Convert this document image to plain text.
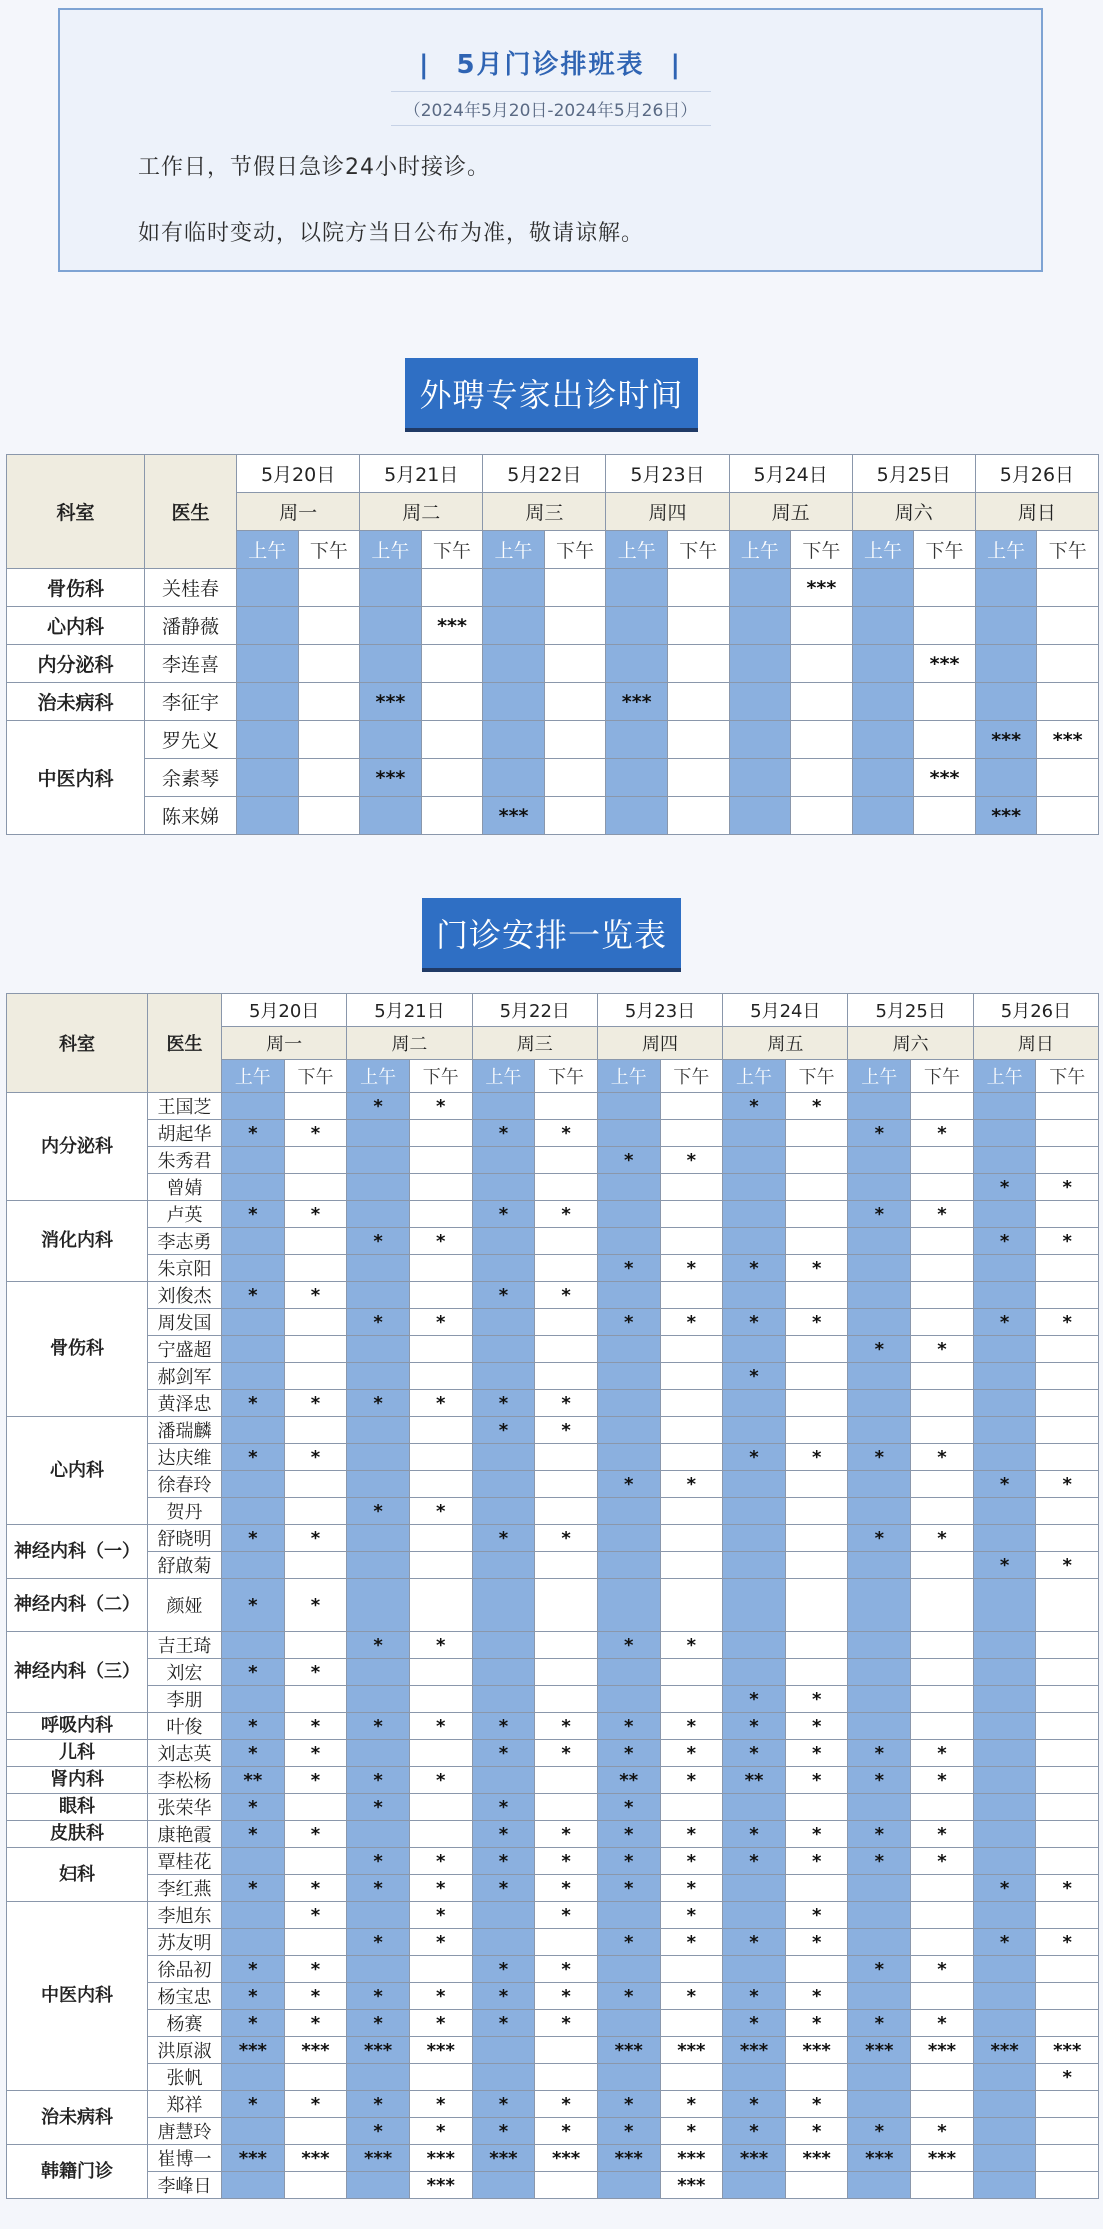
| 5月门诊排班表 |
（2024年5月20日-2024年5月26日）

工作日，节假日急诊24小时接诊。

如有临时变动，以院方当日公布为准，敬请谅解。

外聘专家出诊时间
科室	医生	5月20日		5月21日		5月22日		5月23日		5月24日		5月25日		5月26日	
		周一		周二		周三		周四		周五		周六		周日	
		上午	下午	上午	下午	上午	下午	上午	下午	上午	下午	上午	下午	上午	下午
骨伤科	关桂春										***				
心内科	潘静薇				***										
内分泌科	李连喜												***		
治未病科	李征宇			***				***							
中医内科	罗先义													***	***
	余素琴			***									***		
	陈来娣					***								***	
门诊安排一览表
科室	医生	5月20日		5月21日		5月22日		5月23日		5月24日		5月25日		5月26日	
		周一		周二		周三		周四		周五		周六		周日	
		上午	下午	上午	下午	上午	下午	上午	下午	上午	下午	上午	下午	上午	下午
内分泌科	王国芝			*	*					*	*				
	胡起华	*	*			*	*					*	*		
	朱秀君							*	*						
	曾婧													*	*
消化内科	卢英	*	*			*	*					*	*		
	李志勇			*	*									*	*
	朱京阳							*	*	*	*				
骨伤科	刘俊杰	*	*			*	*								
	周发国			*	*			*	*	*	*			*	*
	宁盛超											*	*		
	郝剑军									*					
	黄泽忠	*	*	*	*	*	*								
心内科	潘瑞麟					*	*								
	达庆维	*	*							*	*	*	*		
	徐春玲							*	*					*	*
	贺丹			*	*										
神经内科（一）	舒晓明	*	*			*	*					*	*		
	舒啟菊													*	*
神经内科（二）	颜娅	*	*												
神经内科（三）	吉王琦			*	*			*	*						
	刘宏	*	*												
	李朋									*	*				
呼吸内科	叶俊	*	*	*	*	*	*	*	*	*	*				
儿科	刘志英	*	*			*	*	*	*	*	*	*	*		
肾内科	李松杨	**	*	*	*			**	*	**	*	*	*		
眼科	张荣华	*		*		*		*							
皮肤科	康艳霞	*	*			*	*	*	*	*	*	*	*		
妇科	覃桂花			*	*	*	*	*	*	*	*	*	*		
	李红燕	*	*	*	*	*	*	*	*					*	*
中医内科	李旭东		*		*		*		*		*				
	苏友明			*	*			*	*	*	*			*	*
	徐品初	*	*			*	*					*	*		
	杨宝忠	*	*	*	*	*	*	*	*	*	*				
	杨赛	*	*	*	*	*	*			*	*	*	*		
	洪原淑	***	***	***	***			***	***	***	***	***	***	***	***
	张帆														*
治未病科	郑祥	*	*	*	*	*	*	*	*	*	*				
	唐慧玲			*	*	*	*	*	*	*	*	*	*		
韩籍门诊	崔博一	***	***	***	***	***	***	***	***	***	***	***	***		
	李峰日				***				***						
